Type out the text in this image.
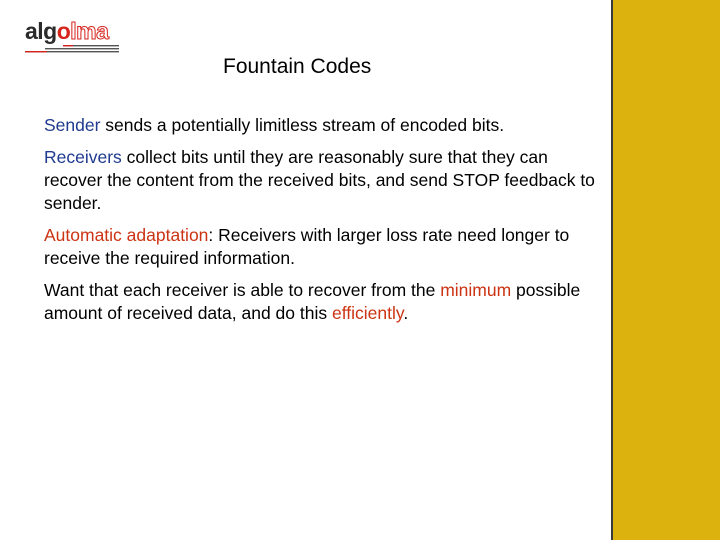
algolma
Fountain Codes

Sender sends a potentially limitless stream of encoded bits.

Receivers collect bits until they are reasonably sure that they can recover the content from the received bits, and send STOP feedback to sender.

Automatic adaptation: Receivers with larger loss rate need longer to receive the required information.

Want that each receiver is able to recover from the minimum possible amount of received data, and do this efficiently.
